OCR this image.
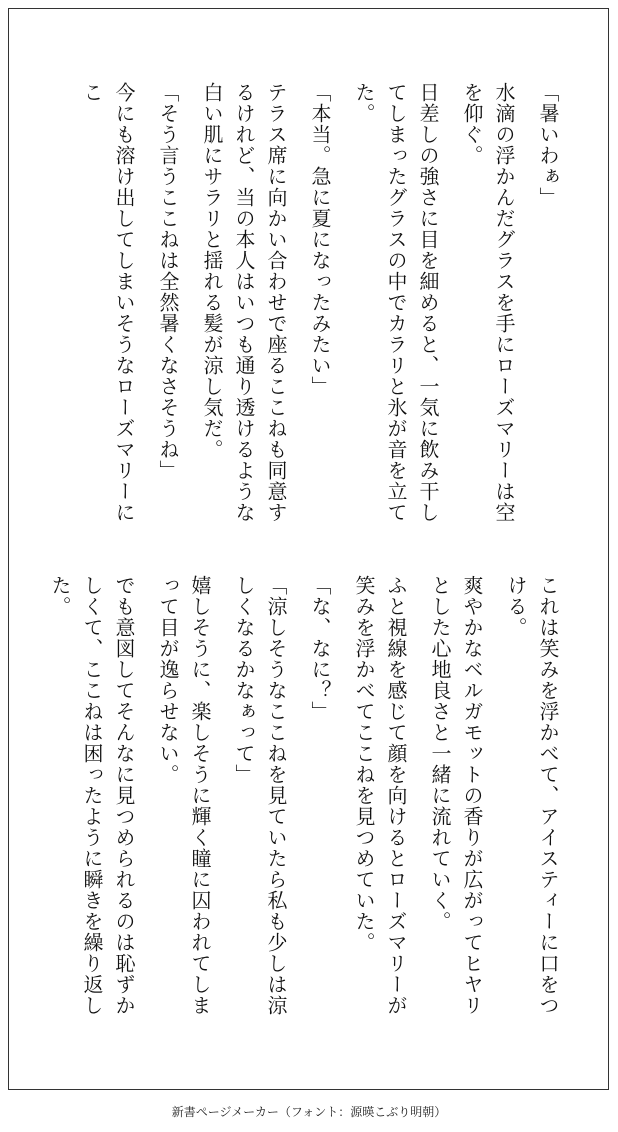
「暑いわぁ」
水滴の浮かんだグラスを手にローズマリーは空を仰ぐ。
日差しの強さに目を細めると、一気に飲み干してしまったグラスの中でカラリと氷が音を立てた。
「本当。急に夏になったみたい」
テラス席に向かい合わせで座るここねも同意するけれど、当の本人はいつも通り透けるような白い肌にサラリと揺れる髪が涼し気だ。
「そう言うここねは全然暑くなさそうね」
今にも溶け出してしまいそうなローズマリーにこ
これは笑みを浮かべて、アイスティーに口をつける。
爽やかなベルガモットの香りが広がってヒヤリとした心地良さと一緒に流れていく。
ふと視線を感じて顔を向けるとローズマリーが笑みを浮かべてここねを見つめていた。
「な、なに？」
「涼しそうなここねを見ていたら私も少しは涼しくなるかなぁって」
嬉しそうに、楽しそうに輝く瞳に囚われてしまって目が逸らせない。
でも意図してそんなに見つめられるのは恥ずかしくて、ここねは困ったように瞬きを繰り返した。
新書ページメーカー（フォント：源暎こぶり明朝）
